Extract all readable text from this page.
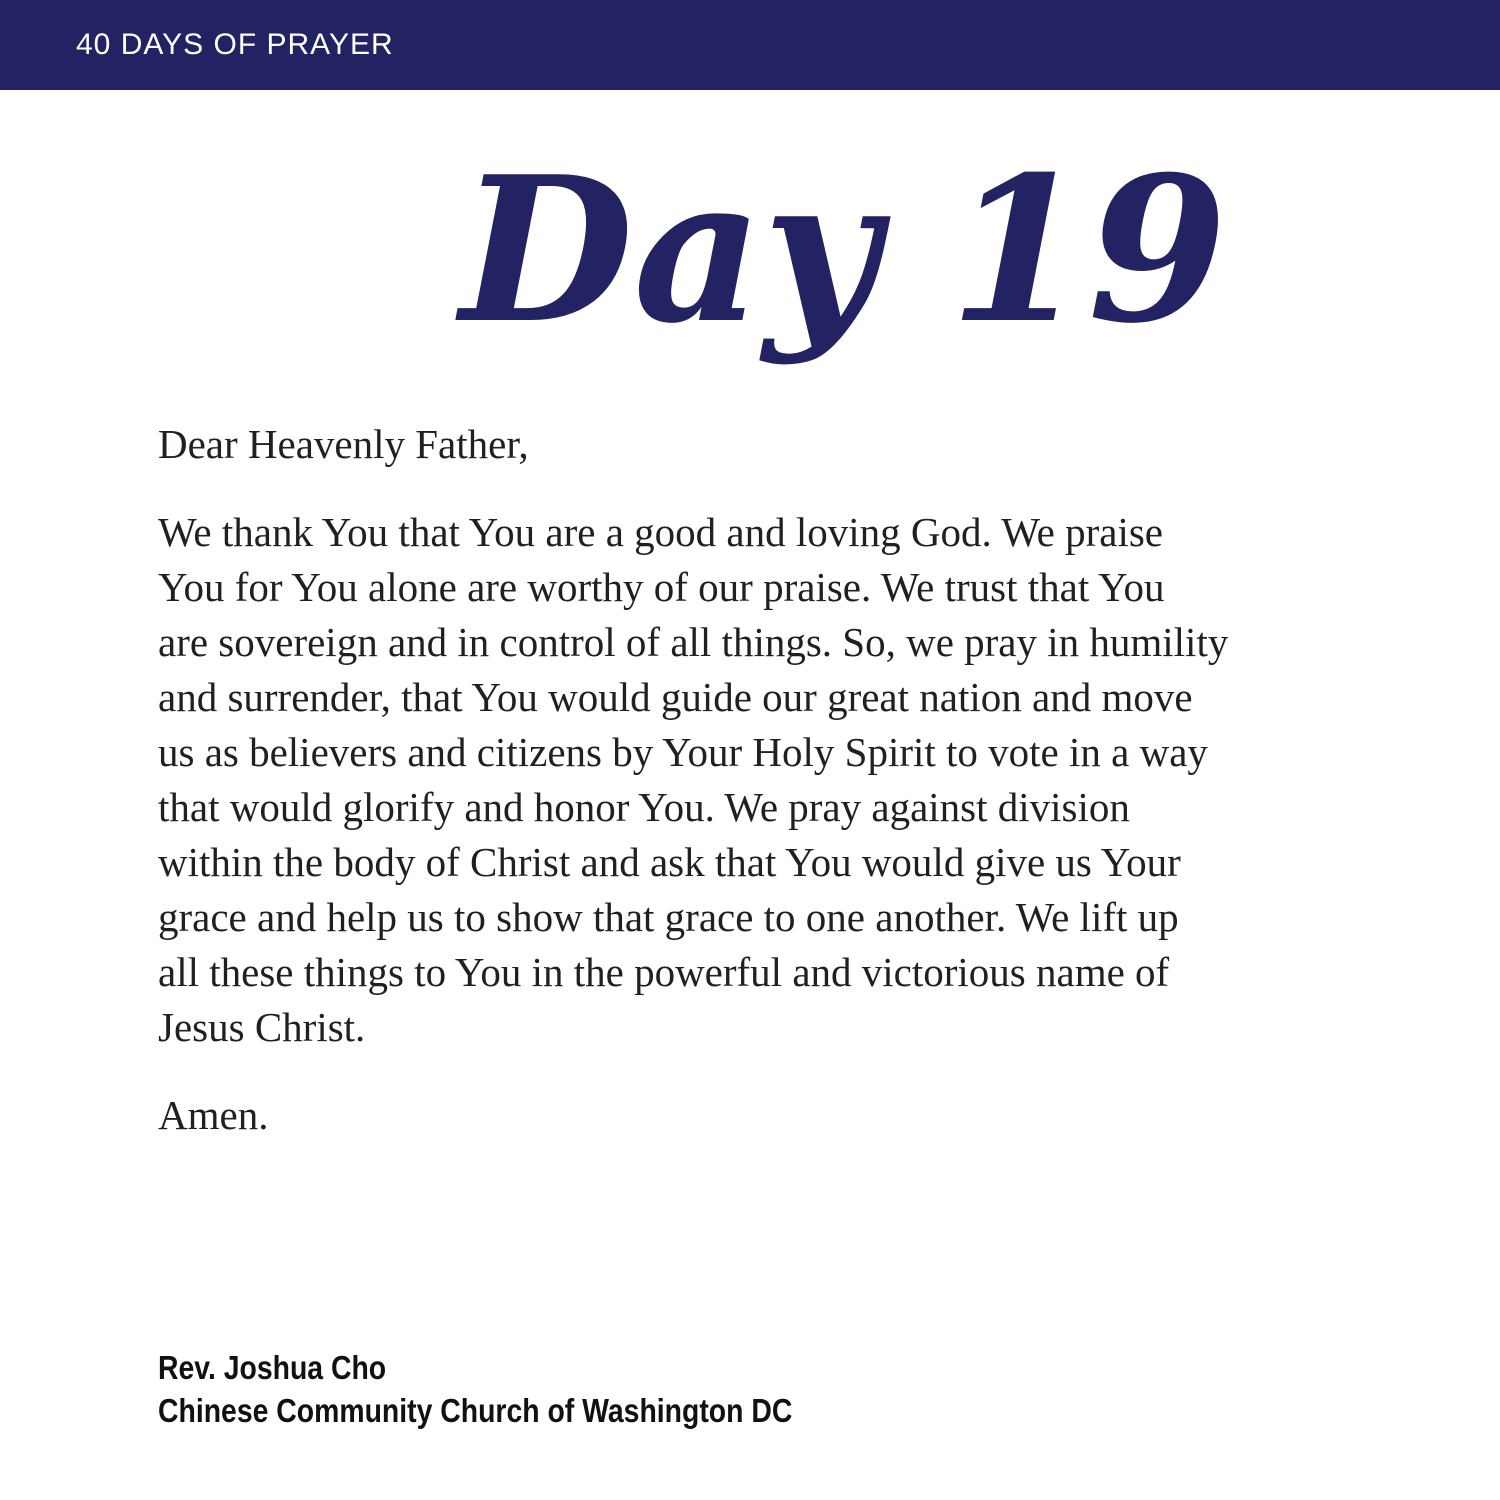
40 DAYS OF PRAYER
Day 19

Dear Heavenly Father,

We thank You that You are a good and loving God. We praise
You for You alone are worthy of our praise. We trust that You
are sovereign and in control of all things. So, we pray in humility
and surrender, that You would guide our great nation and move
us as believers and citizens by Your Holy Spirit to vote in a way
that would glorify and honor You. We pray against division
within the body of Christ and ask that You would give us Your
grace and help us to show that grace to one another. We lift up
all these things to You in the powerful and victorious name of
Jesus Christ.

Amen.

Rev. Joshua Cho
Chinese Community Church of Washington DC
